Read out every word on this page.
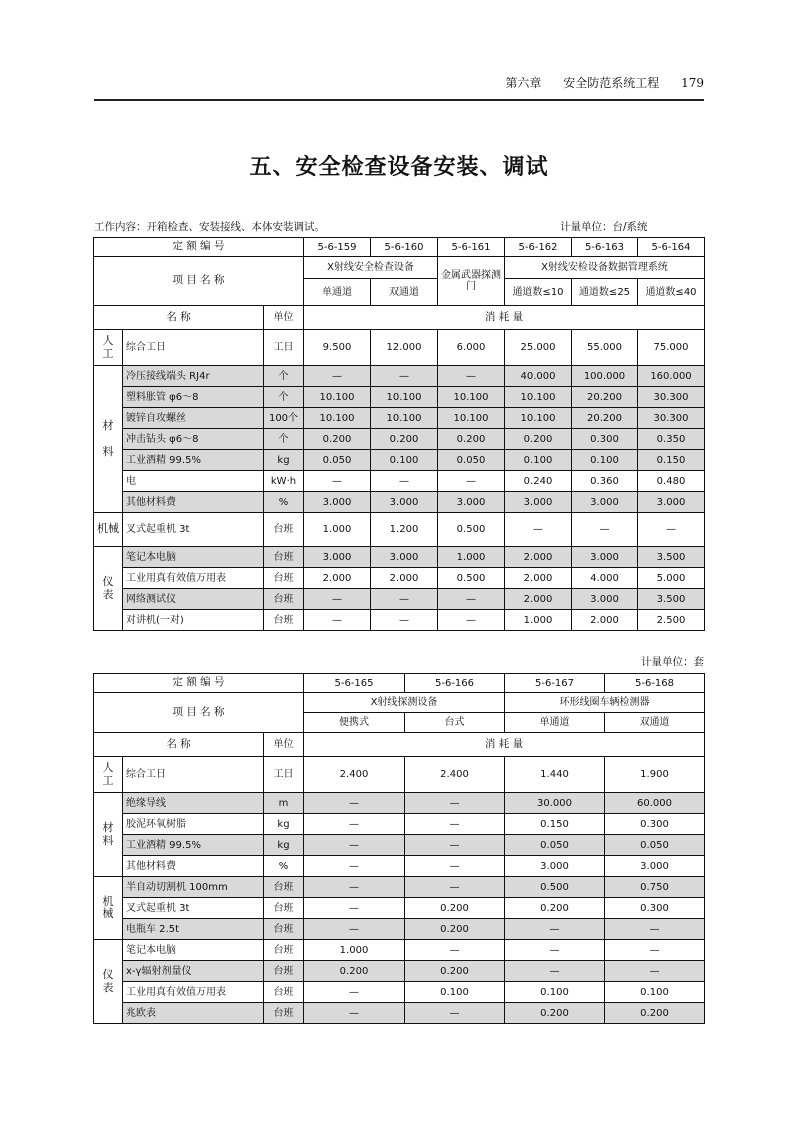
第六章 安全防范系统工程 179
五、安全检查设备安装、调试
工作内容：开箱检查、安装接线、本体安装调试。	计量单位：台/系统
定 额 编 号			5-6-159	5-6-160	5-6-161	5-6-162	5-6-163	5-6-164
项 目 名 称			X射线安全检查设备		金属武器探测门	X射线安检设备数据管理系统		
			单通道	双通道		通道数≤10	通道数≤25	通道数≤40
名 称		单位	消 耗 量					
人工	综合工日	工日	9.500	12.000	6.000	25.000	55.000	75.000
材料	冷压接线端头 RJ4r	个	—	—	—	40.000	100.000	160.000
	塑料胀管 φ6～8	个	10.100	10.100	10.100	10.100	20.200	30.300
	镀锌自攻螺丝	100个	10.100	10.100	10.100	10.100	20.200	30.300
	冲击钻头 φ6～8	个	0.200	0.200	0.200	0.200	0.300	0.350
	工业酒精 99.5%	kg	0.050	0.100	0.050	0.100	0.100	0.150
	电	kW·h	—	—	—	0.240	0.360	0.480
	其他材料费	%	3.000	3.000	3.000	3.000	3.000	3.000
机械	叉式起重机 3t	台班	1.000	1.200	0.500	—	—	—
仪表	笔记本电脑	台班	3.000	3.000	1.000	2.000	3.000	3.500
	工业用真有效值万用表	台班	2.000	2.000	0.500	2.000	4.000	5.000
	网络测试仪	台班	—	—	—	2.000	3.000	3.500
	对讲机(一对)	台班	—	—	—	1.000	2.000	2.500
计量单位：套
定 额 编 号			5-6-165	5-6-166	5-6-167	5-6-168
项 目 名 称			X射线探测设备		环形线圈车辆检测器	
			便携式	台式	单通道	双通道
名 称		单位	消 耗 量			
人工	综合工日	工日	2.400	2.400	1.440	1.900
材料	绝缘导线	m	—	—	30.000	60.000
	胶泥环氧树脂	kg	—	—	0.150	0.300
	工业酒精 99.5%	kg	—	—	0.050	0.050
	其他材料费	%	—	—	3.000	3.000
机械	半自动切割机 100mm	台班	—	—	0.500	0.750
	叉式起重机 3t	台班	—	0.200	0.200	0.300
	电瓶车 2.5t	台班	—	0.200	—	—
仪表	笔记本电脑	台班	1.000	—	—	—
	x-γ辐射剂量仪	台班	0.200	0.200	—	—
	工业用真有效值万用表	台班	—	0.100	0.100	0.100
	兆欧表	台班	—	—	0.200	0.200
